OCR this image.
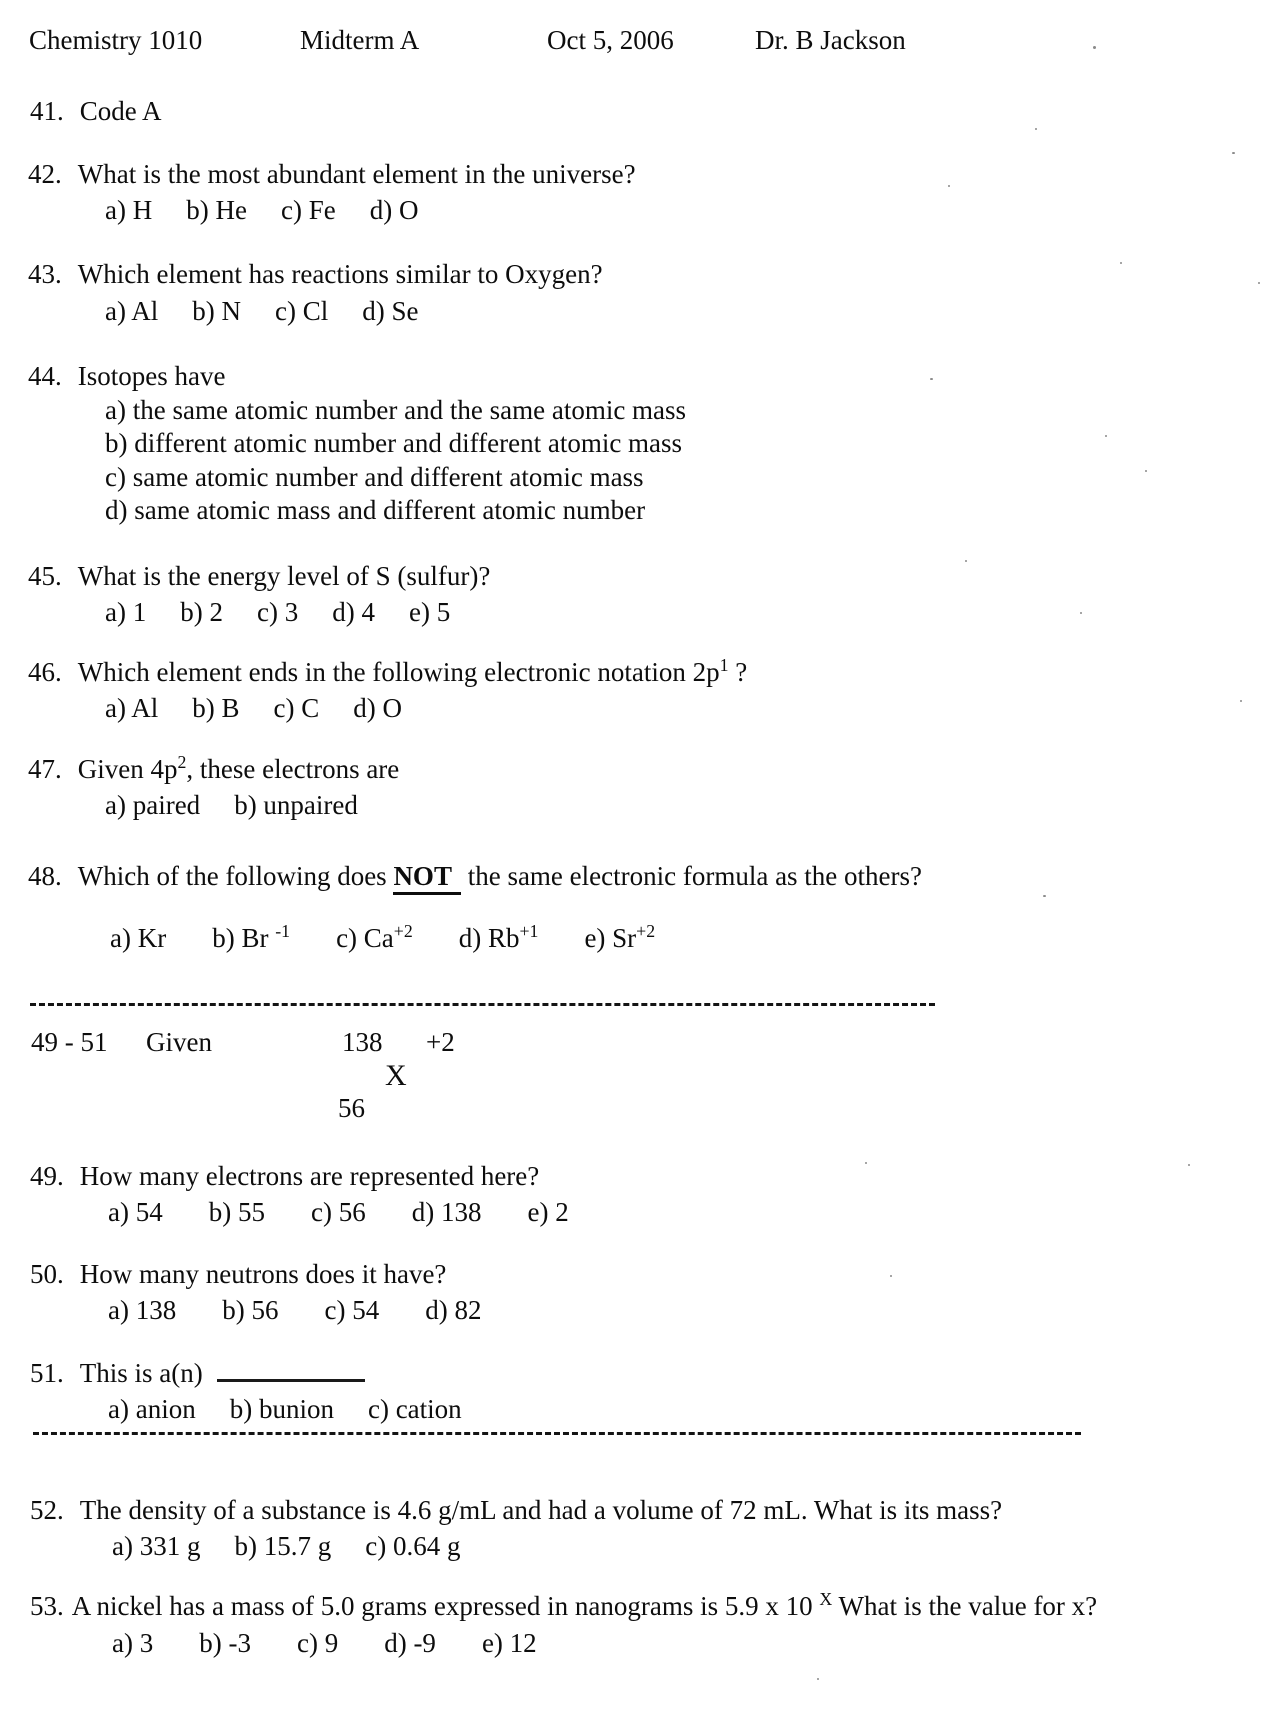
Chemistry 1010	Midterm A	Oct 5, 2006	Dr. B Jackson
41. Code A
42. What is the most abundant element in the universe?
a) H b) He c) Fe d) O
43. Which element has reactions similar to Oxygen?
a) Al b) N c) Cl d) Se
44. Isotopes have
a) the same atomic number and the same atomic mass
b) different atomic number and different atomic mass
c) same atomic number and different atomic mass
d) same atomic mass and different atomic number
45. What is the energy level of S (sulfur)?
a) 1 b) 2 c) 3 d) 4 e) 5
46. Which element ends in the following electronic notation $2p^1$ ?
a) Al b) B c) C d) O
47. Given $4p^2$, these electrons are
a) paired b) unpaired
48. Which of the following does NOT the same electronic formula as the others?
a) Kr b) Br $^{-1}$ c) $Ca^{+2}$ d) $Rb^{+1}$ e) $Sr^{+2}$
49 - 51 Given	138 +2
X
56
49. How many electrons are represented here?
a) 54 b) 55 c) 56 d) 138 e) 2
50. How many neutrons does it have?
a) 138 b) 56 c) 54 d) 82
51. This is a(n)
a) anion b) bunion c) cation
52. The density of a substance is 4.6 g/mL and had a volume of 72 mL. What is its mass?
a) 331 g b) 15.7 g c) 0.64 g
53. A nickel has a mass of 5.0 grams expressed in nanograms is 5.9 x 10 $^X$ What is the value for x?
a) 3 b) -3 c) 9 d) -9 e) 12
